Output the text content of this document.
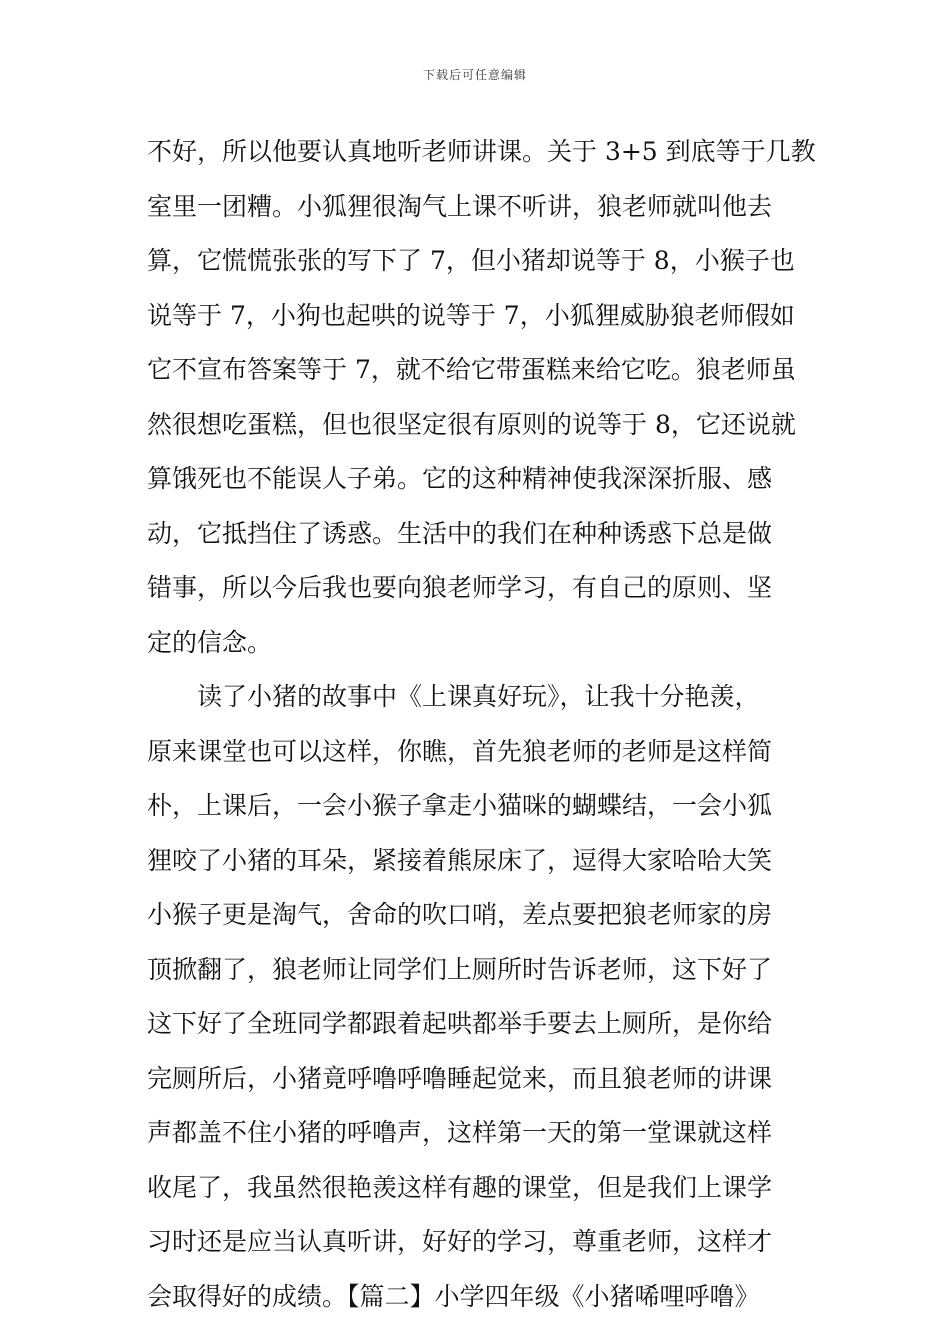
下载后可任意编辑
不好，所以他要认真地听老师讲课。关于 3+5 到底等于几教
室里一团糟。小狐狸很淘气上课不听讲，狼老师就叫他去
算，它慌慌张张的写下了 7，但小猪却说等于 8，小猴子也
说等于 7，小狗也起哄的说等于 7，小狐狸威胁狼老师假如
它不宣布答案等于 7，就不给它带蛋糕来给它吃。狼老师虽
然很想吃蛋糕，但也很坚定很有原则的说等于 8，它还说就
算饿死也不能误人子弟。它的这种精神使我深深折服、感
动，它抵挡住了诱惑。生活中的我们在种种诱惑下总是做
错事，所以今后我也要向狼老师学习，有自己的原则、坚
定的信念。
读了小猪的故事中《上课真好玩》，让我十分艳羡，
原来课堂也可以这样，你瞧，首先狼老师的老师是这样简
朴，上课后，一会小猴子拿走小猫咪的蝴蝶结，一会小狐
狸咬了小猪的耳朵，紧接着熊尿床了，逗得大家哈哈大笑
小猴子更是淘气，舍命的吹口哨，差点要把狼老师家的房
顶掀翻了，狼老师让同学们上厕所时告诉老师，这下好了
这下好了全班同学都跟着起哄都举手要去上厕所，是你给
完厕所后，小猪竟呼噜呼噜睡起觉来，而且狼老师的讲课
声都盖不住小猪的呼噜声，这样第一天的第一堂课就这样
收尾了，我虽然很艳羡这样有趣的课堂，但是我们上课学
习时还是应当认真听讲，好好的学习，尊重老师，这样才
会取得好的成绩。【篇二】小学四年级《小猪唏哩呼噜》
